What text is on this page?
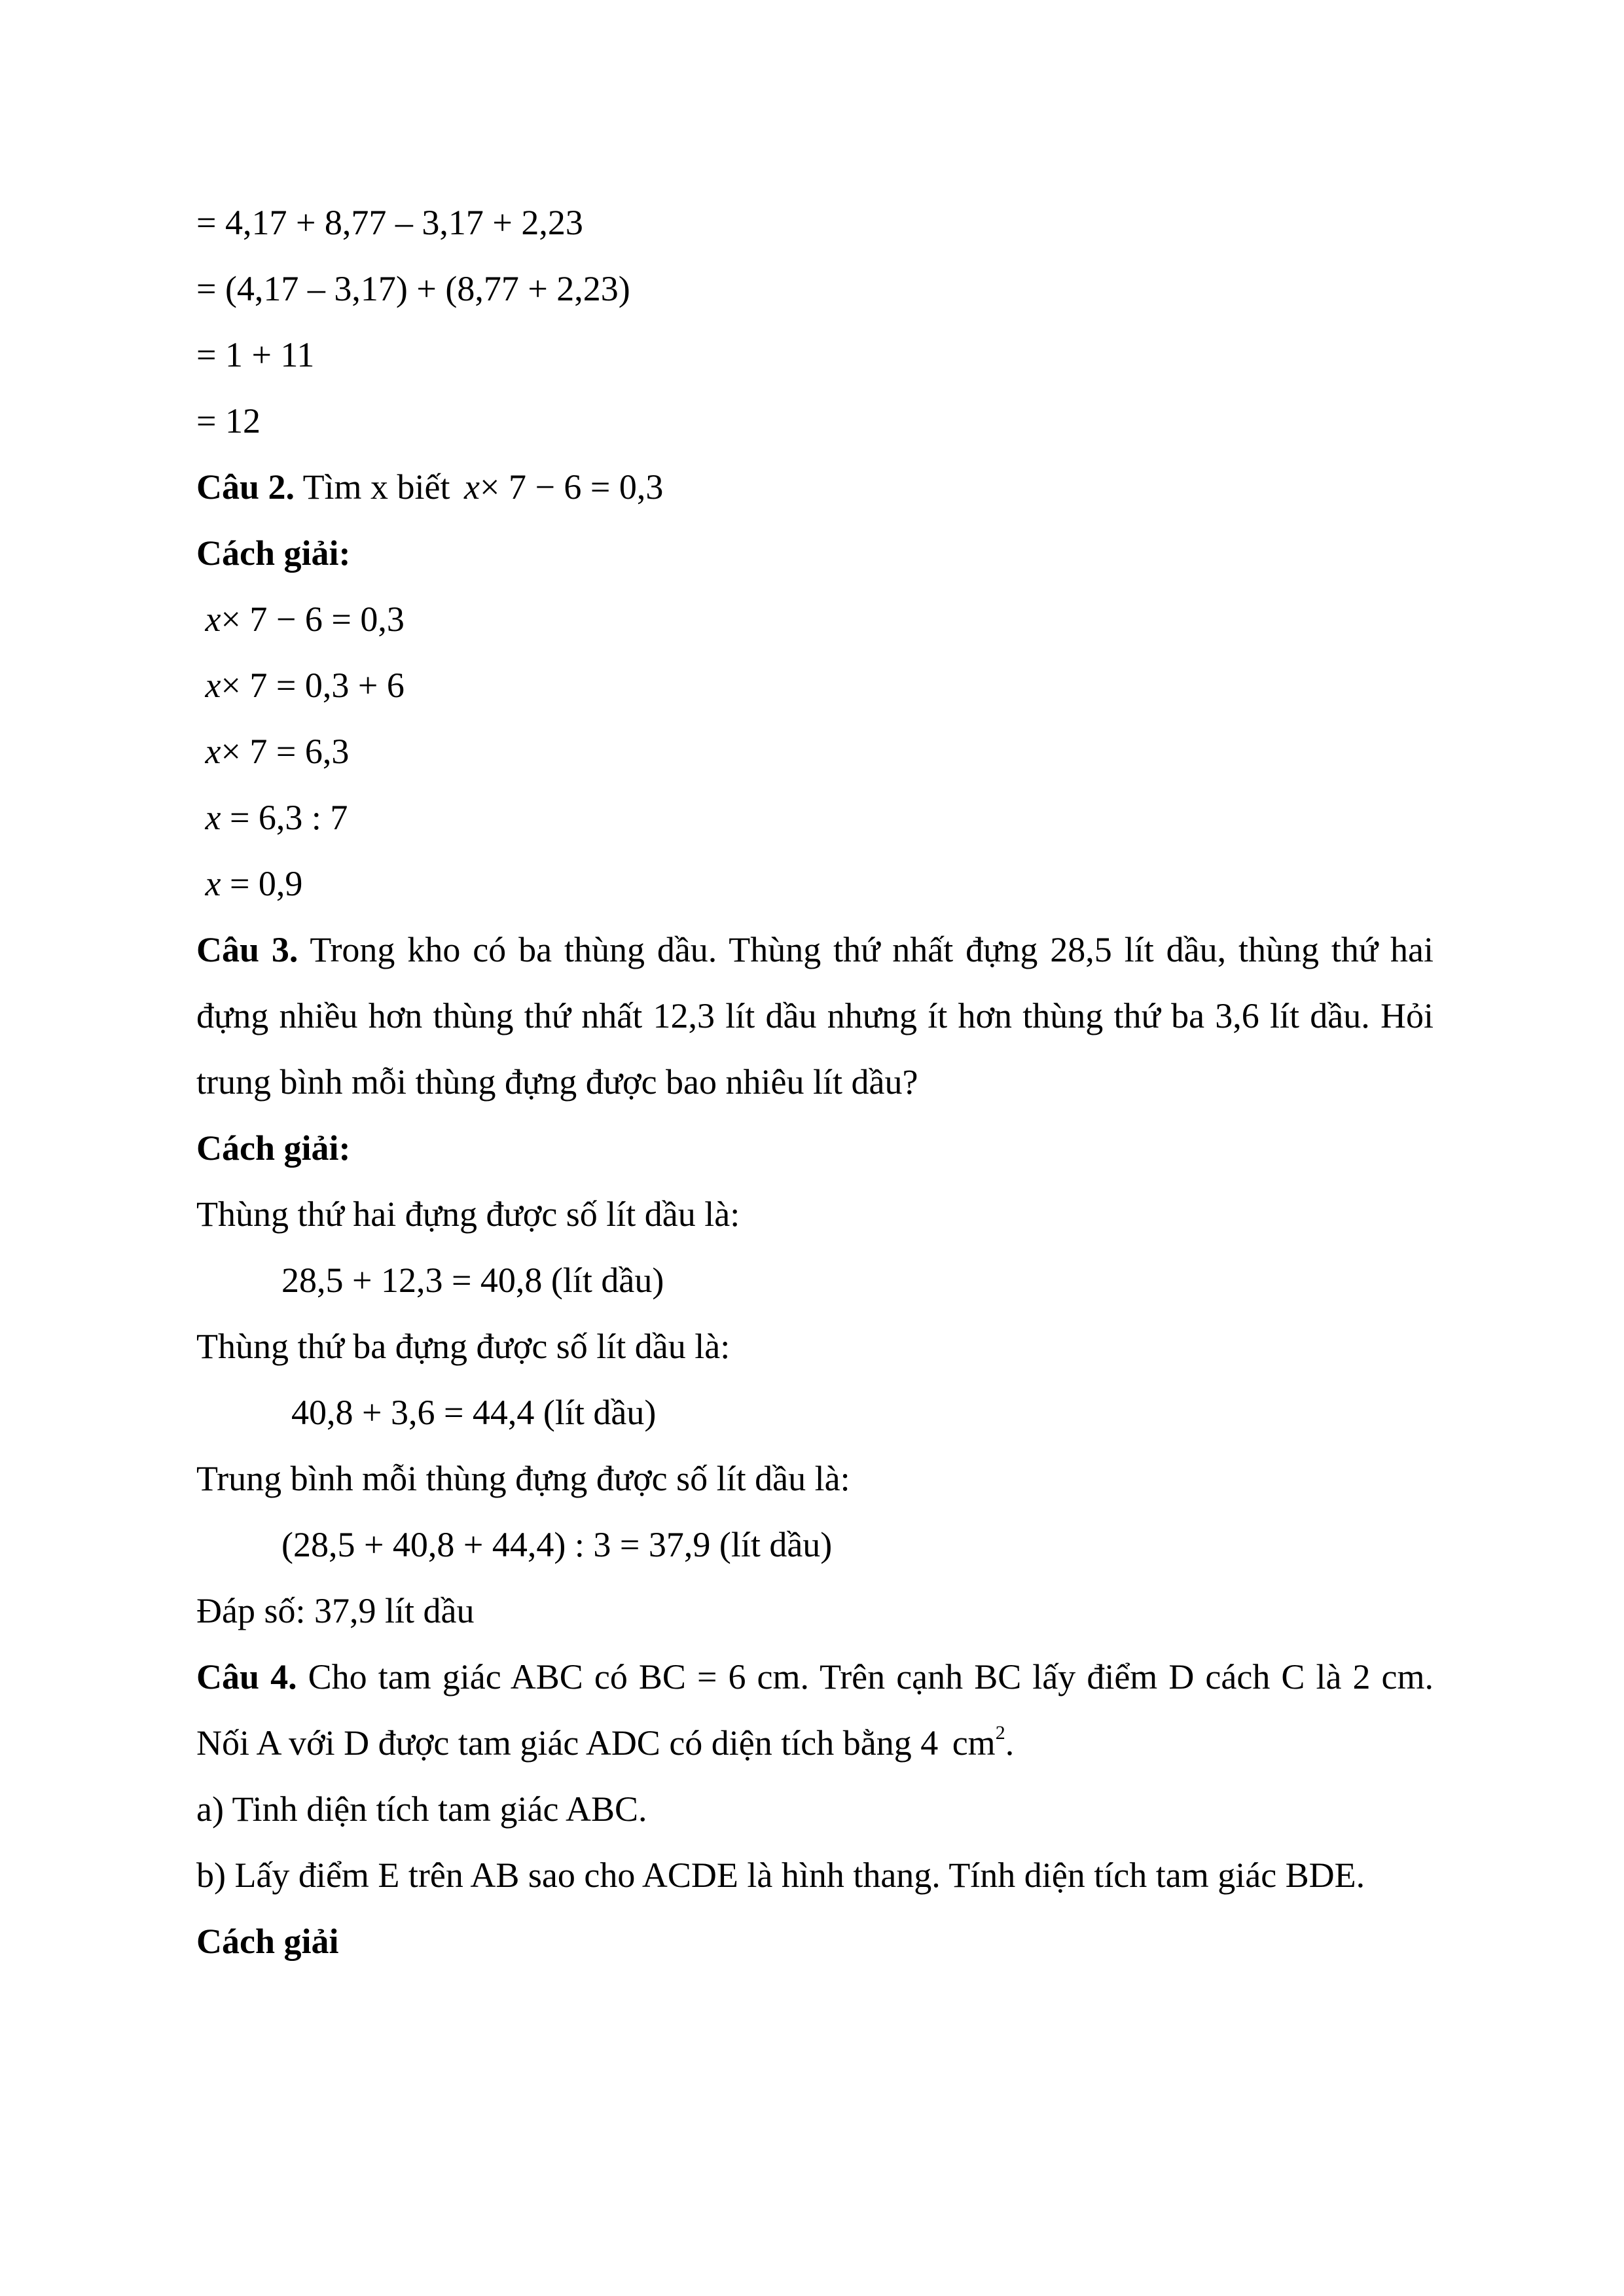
= 4,17 + 8,77 – 3,17 + 2,23
= (4,17 – 3,17) + (8,77 + 2,23)
= 1 + 11
= 12
Câu 2. Tìm x biết x× 7 − 6 = 0,3
Cách giải:
x× 7 − 6 = 0,3
x× 7 = 0,3 + 6
x× 7 = 6,3
x = 6,3 : 7
x = 0,9
Câu 3. Trong kho có ba thùng dầu. Thùng thứ nhất đựng 28,5 lít dầu, thùng thứ hai đựng nhiều hơn thùng thứ nhất 12,3 lít dầu nhưng ít hơn thùng thứ ba 3,6 lít dầu. Hỏi trung bình mỗi thùng đựng được bao nhiêu lít dầu?
Cách giải:
Thùng thứ hai đựng được số lít dầu là:
28,5 + 12,3 = 40,8 (lít dầu)
Thùng thứ ba đựng được số lít dầu là:
40,8 + 3,6 = 44,4 (lít dầu)
Trung bình mỗi thùng đựng được số lít dầu là:
(28,5 + 40,8 + 44,4) : 3 = 37,9 (lít dầu)
Đáp số: 37,9 lít dầu
Câu 4. Cho tam giác ABC có BC = 6 cm. Trên cạnh BC lấy điểm D cách C là 2 cm. Nối A với D được tam giác ADC có diện tích bằng 4 $cm^2$.
a) Tinh diện tích tam giác ABC.
b) Lấy điểm E trên AB sao cho ACDE là hình thang. Tính diện tích tam giác BDE.
Cách giải
